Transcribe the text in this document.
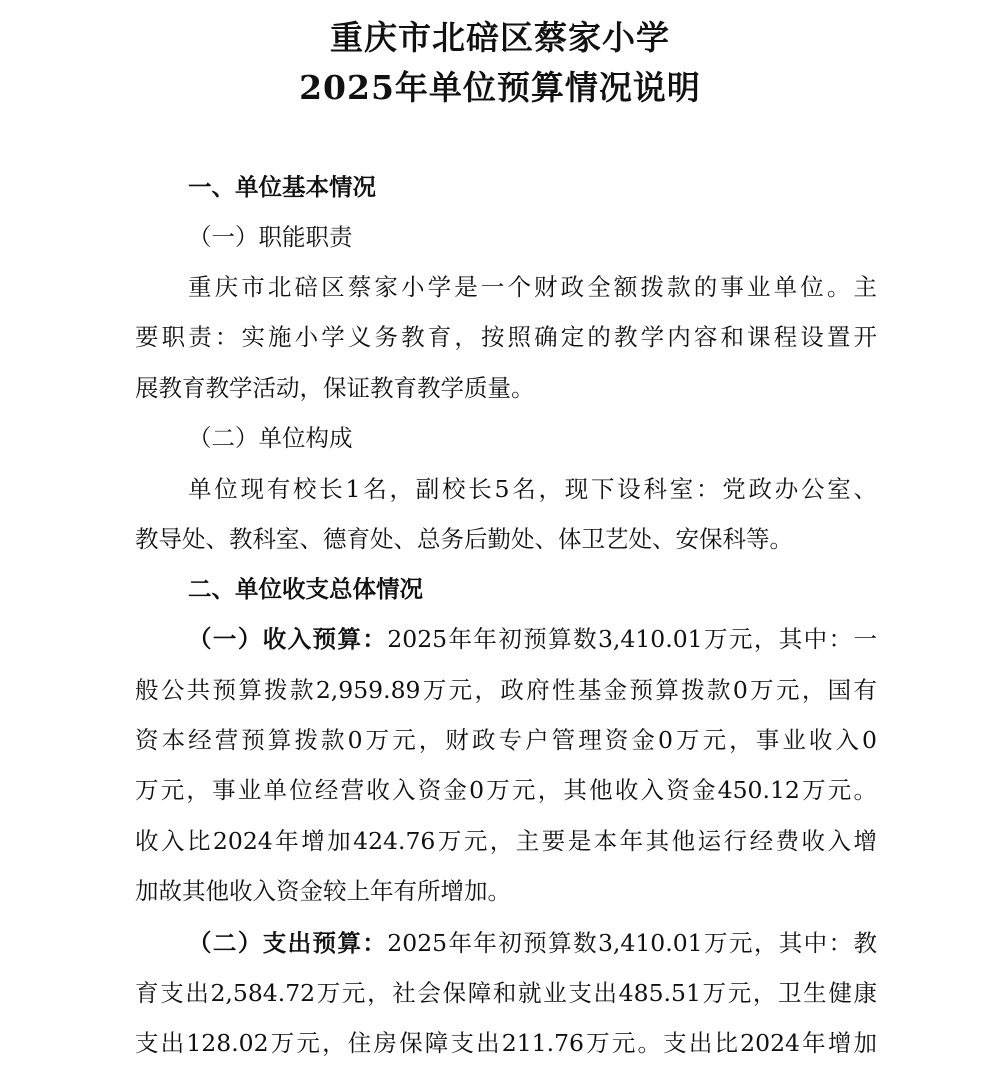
重庆市北碚区蔡家小学
2025年单位预算情况说明
一、单位基本情况
（一）职能职责
重庆市北碚区蔡家小学是一个财政全额拨款的事业单位。主
要职责：实施小学义务教育，按照确定的教学内容和课程设置开
展教育教学活动，保证教育教学质量。
（二）单位构成
单位现有校长1名，副校长5名，现下设科室：党政办公室、
教导处、教科室、德育处、总务后勤处、体卫艺处、安保科等。
二、单位收支总体情况
（一）收入预算：2025年年初预算数3,410.01万元，其中：一
般公共预算拨款2,959.89万元，政府性基金预算拨款0万元，国有
资本经营预算拨款0万元，财政专户管理资金0万元，事业收入0
万元，事业单位经营收入资金0万元，其他收入资金450.12万元。
收入比2024年增加424.76万元，主要是本年其他运行经费收入增
加故其他收入资金较上年有所增加。
（二）支出预算：2025年年初预算数3,410.01万元，其中：教
育支出2,584.72万元，社会保障和就业支出485.51万元，卫生健康
支出128.02万元，住房保障支出211.76万元。支出比2024年增加
